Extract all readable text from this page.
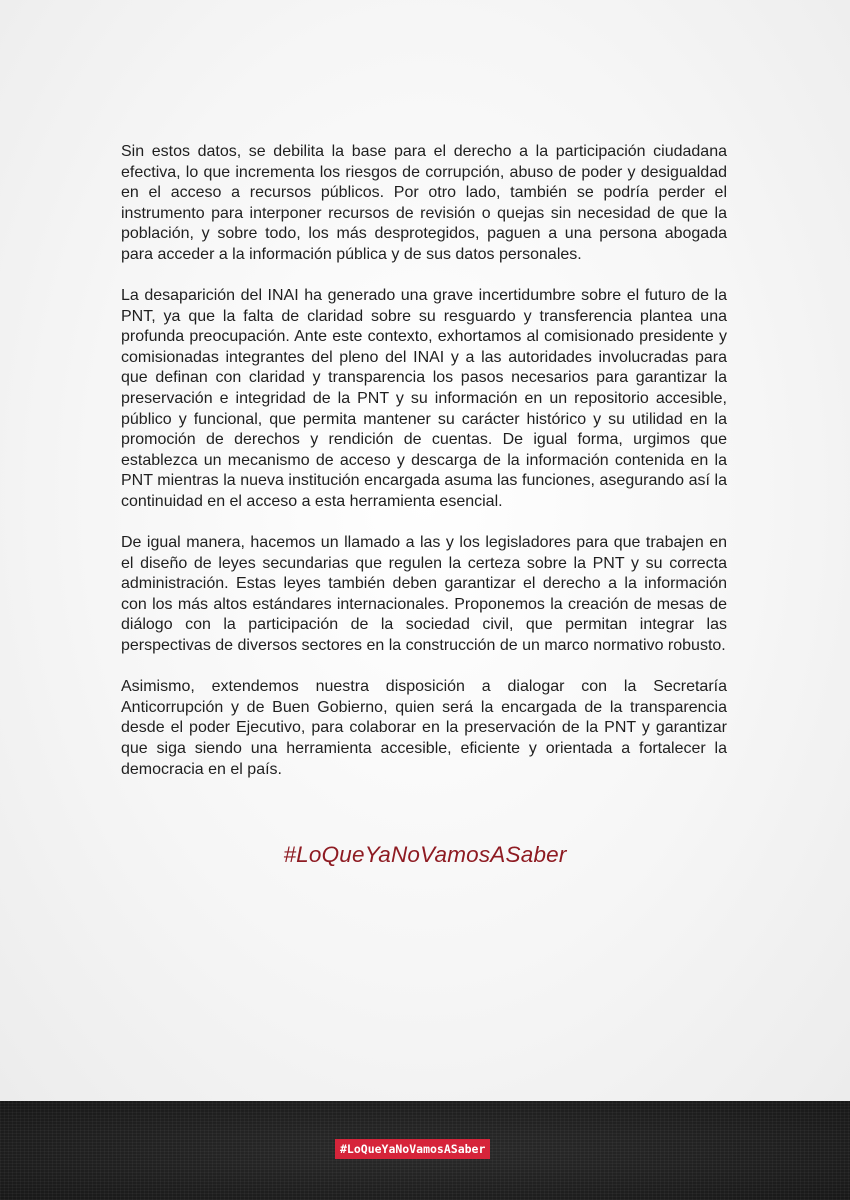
Sin estos datos, se debilita la base para el derecho a la participación ciudadana efectiva, lo que incrementa los riesgos de corrupción, abuso de poder y desigualdad en el acceso a recursos públicos. Por otro lado, también se podría perder el instrumento para interponer recursos de revisión o quejas sin necesidad de que la población, y sobre todo, los más desprotegidos, paguen a una persona abogada para acceder a la información pública y de sus datos personales.

La desaparición del INAI ha generado una grave incertidumbre sobre el futuro de la PNT, ya que la falta de claridad sobre su resguardo y transferencia plantea una profunda preocupación. Ante este contexto, exhortamos al comisionado presidente y comisionadas integrantes del pleno del INAI y a las autoridades involucradas para que definan con claridad y transparencia los pasos necesarios para garantizar la preservación e integridad de la PNT y su información en un repositorio accesible, público y funcional, que permita mantener su carácter histórico y su utilidad en la promoción de derechos y rendición de cuentas. De igual forma, urgimos que establezca un mecanismo de acceso y descarga de la información contenida en la PNT mientras la nueva institución encargada asuma las funciones, asegurando así la continuidad en el acceso a esta herramienta esencial.

De igual manera, hacemos un llamado a las y los legisladores para que trabajen en el diseño de leyes secundarias que regulen la certeza sobre la PNT y su correcta administración. Estas leyes también deben garantizar el derecho a la información con los más altos estándares internacionales. Proponemos la creación de mesas de diálogo con la participación de la sociedad civil, que permitan integrar las perspectivas de diversos sectores en la construcción de un marco normativo robusto.

Asimismo, extendemos nuestra disposición a dialogar con la Secretaría Anticorrupción y de Buen Gobierno, quien será la encargada de la transparencia desde el poder Ejecutivo, para colaborar en la preservación de la PNT y garantizar que siga siendo una herramienta accesible, eficiente y orientada a fortalecer la democracia en el país.

#LoQueYaNoVamosASaber
#LoQueYaNoVamosASaber
